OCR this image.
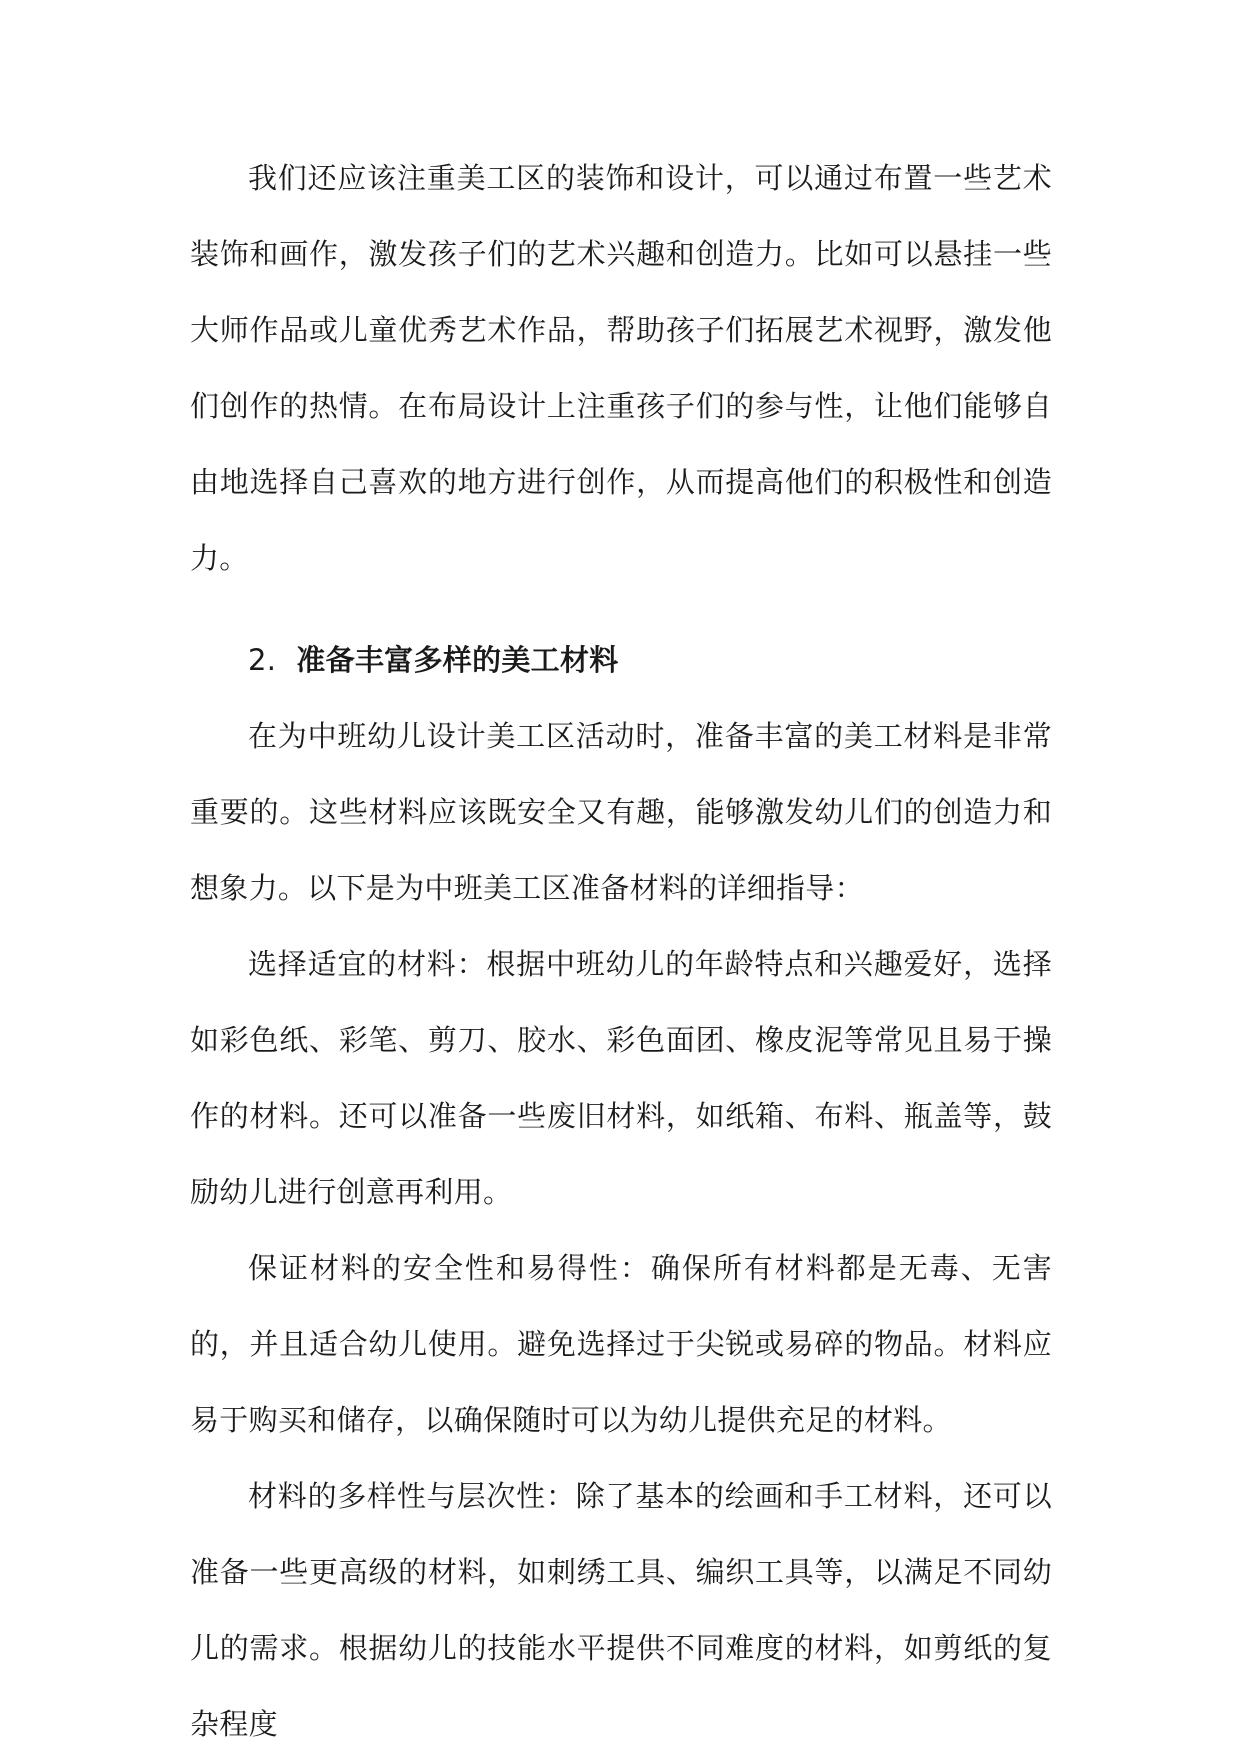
我们还应该注重美工区的装饰和设计，可以通过布置一些艺术装饰和画作，激发孩子们的艺术兴趣和创造力。比如可以悬挂一些大师作品或儿童优秀艺术作品，帮助孩子们拓展艺术视野，激发他们创作的热情。在布局设计上注重孩子们的参与性，让他们能够自由地选择自己喜欢的地方进行创作，从而提高他们的积极性和创造力。

2. 准备丰富多样的美工材料

在为中班幼儿设计美工区活动时，准备丰富的美工材料是非常重要的。这些材料应该既安全又有趣，能够激发幼儿们的创造力和想象力。以下是为中班美工区准备材料的详细指导：

选择适宜的材料：根据中班幼儿的年龄特点和兴趣爱好，选择如彩色纸、彩笔、剪刀、胶水、彩色面团、橡皮泥等常见且易于操作的材料。还可以准备一些废旧材料，如纸箱、布料、瓶盖等，鼓励幼儿进行创意再利用。

保证材料的安全性和易得性：确保所有材料都是无毒、无害的，并且适合幼儿使用。避免选择过于尖锐或易碎的物品。材料应易于购买和储存，以确保随时可以为幼儿提供充足的材料。

材料的多样性与层次性：除了基本的绘画和手工材料，还可以准备一些更高级的材料，如刺绣工具、编织工具等，以满足不同幼儿的需求。根据幼儿的技能水平提供不同难度的材料，如剪纸的复杂程度
